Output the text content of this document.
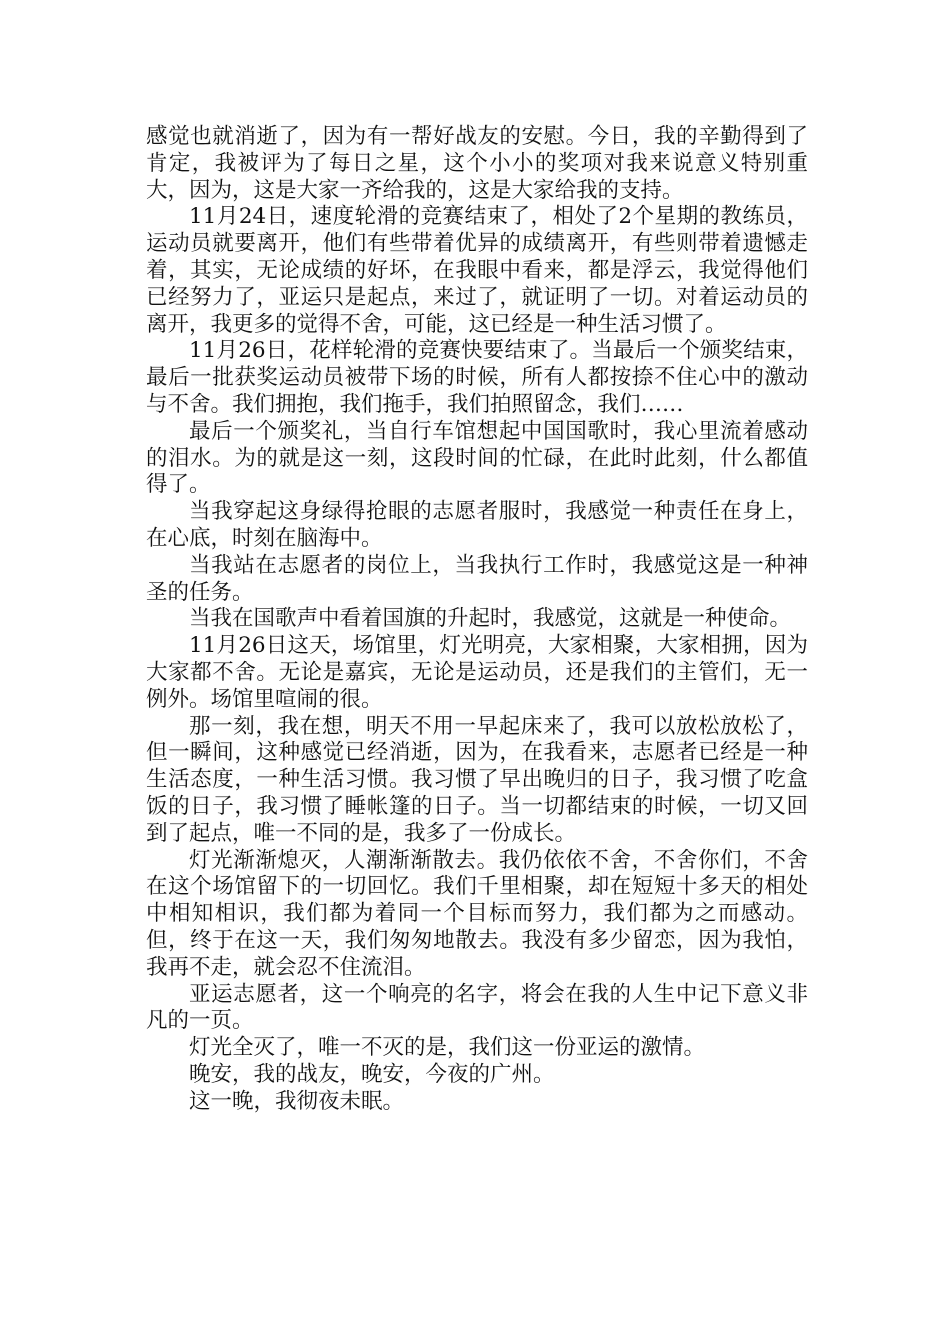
感觉也就消逝了，因为有一帮好战友的安慰。今日，我的辛勤得到了肯定，我被评为了每日之星，这个小小的奖项对我来说意义特别重大，因为，这是大家一齐给我的，这是大家给我的支持。

11月24日，速度轮滑的竞赛结束了，相处了2个星期的教练员，运动员就要离开，他们有些带着优异的成绩离开，有些则带着遗憾走着，其实，无论成绩的好坏，在我眼中看来，都是浮云，我觉得他们已经努力了，亚运只是起点，来过了，就证明了一切。对着运动员的离开，我更多的觉得不舍，可能，这已经是一种生活习惯了。

11月26日，花样轮滑的竞赛快要结束了。当最后一个颁奖结束，最后一批获奖运动员被带下场的时候，所有人都按捺不住心中的激动与不舍。我们拥抱，我们拖手，我们拍照留念，我们……

最后一个颁奖礼，当自行车馆想起中国国歌时，我心里流着感动的泪水。为的就是这一刻，这段时间的忙碌，在此时此刻，什么都值得了。

当我穿起这身绿得抢眼的志愿者服时，我感觉一种责任在身上，在心底，时刻在脑海中。

当我站在志愿者的岗位上，当我执行工作时，我感觉这是一种神圣的任务。

当我在国歌声中看着国旗的升起时，我感觉，这就是一种使命。

11月26日这天，场馆里，灯光明亮，大家相聚，大家相拥，因为大家都不舍。无论是嘉宾，无论是运动员，还是我们的主管们，无一例外。场馆里喧闹的很。

那一刻，我在想，明天不用一早起床来了，我可以放松放松了，但一瞬间，这种感觉已经消逝，因为，在我看来，志愿者已经是一种生活态度，一种生活习惯。我习惯了早出晚归的日子，我习惯了吃盒饭的日子，我习惯了睡帐篷的日子。当一切都结束的时候，一切又回到了起点，唯一不同的是，我多了一份成长。

灯光渐渐熄灭，人潮渐渐散去。我仍依依不舍，不舍你们，不舍在这个场馆留下的一切回忆。我们千里相聚，却在短短十多天的相处中相知相识，我们都为着同一个目标而努力，我们都为之而感动。但，终于在这一天，我们匆匆地散去。我没有多少留恋，因为我怕，我再不走，就会忍不住流泪。

亚运志愿者，这一个响亮的名字，将会在我的人生中记下意义非凡的一页。

灯光全灭了，唯一不灭的是，我们这一份亚运的激情。

晚安，我的战友，晚安，今夜的广州。

这一晚，我彻夜未眠。
